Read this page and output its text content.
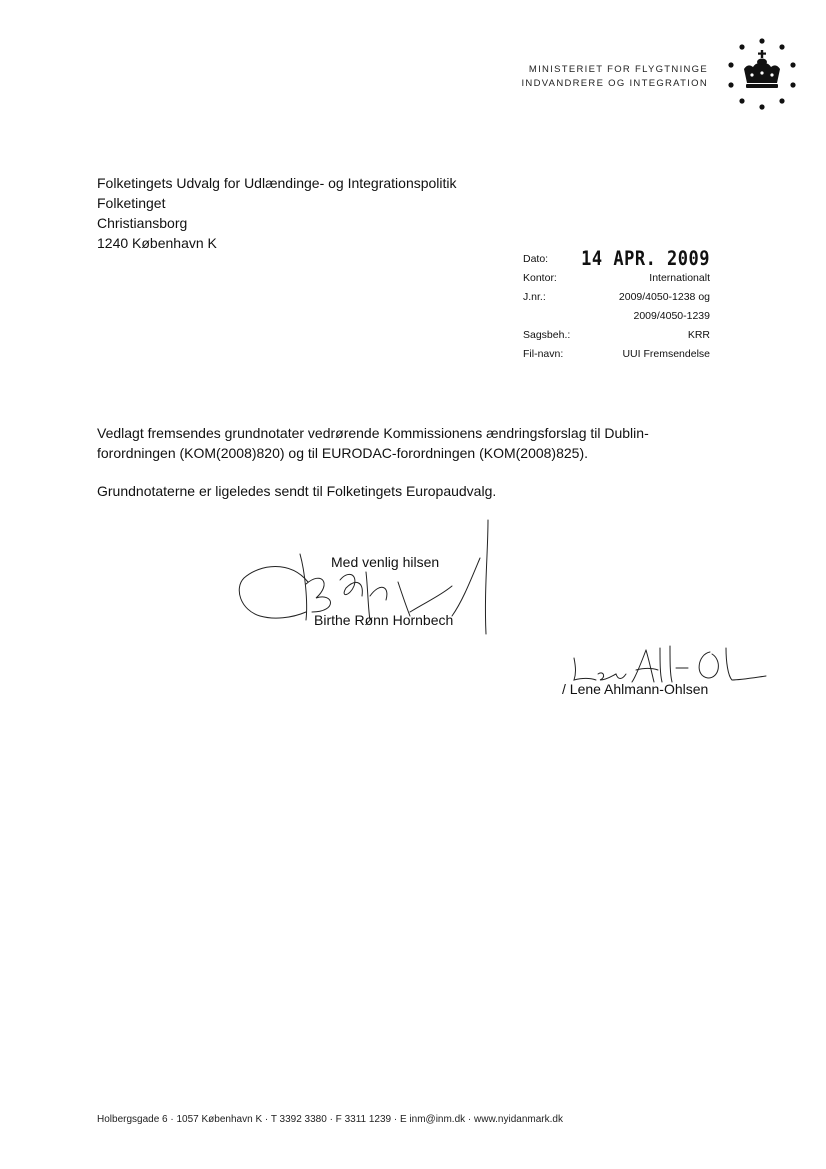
MINISTERIET FOR FLYGTNINGE
INDVANDRERE OG INTEGRATION
Folketingets Udvalg for Udlændinge- og Integrationspolitik
Folketinget
Christiansborg
1240 København K
Dato: 14 APR. 2009
Kontor:	Internationalt
J.nr.:	2009/4050-1238 og
2009/4050-1239
Sagsbeh.:	KRR
Fil-navn:	UUI Fremsendelse

Vedlagt fremsendes grundnotater vedrørende Kommissionens ændringsforslag til Dublin-forordningen (KOM(2008)820) og til EURODAC-forordningen (KOM(2008)825).

Grundnotaterne er ligeledes sendt til Folketingets Europaudvalg.

Med venlig hilsen
Birthe Rønn Hornbech
/ Lene Ahlmann-Ohlsen
Holbergsgade 6 · 1057 København K · T 3392 3380 · F 3311 1239 · E inm@inm.dk · www.nyidanmark.dk
